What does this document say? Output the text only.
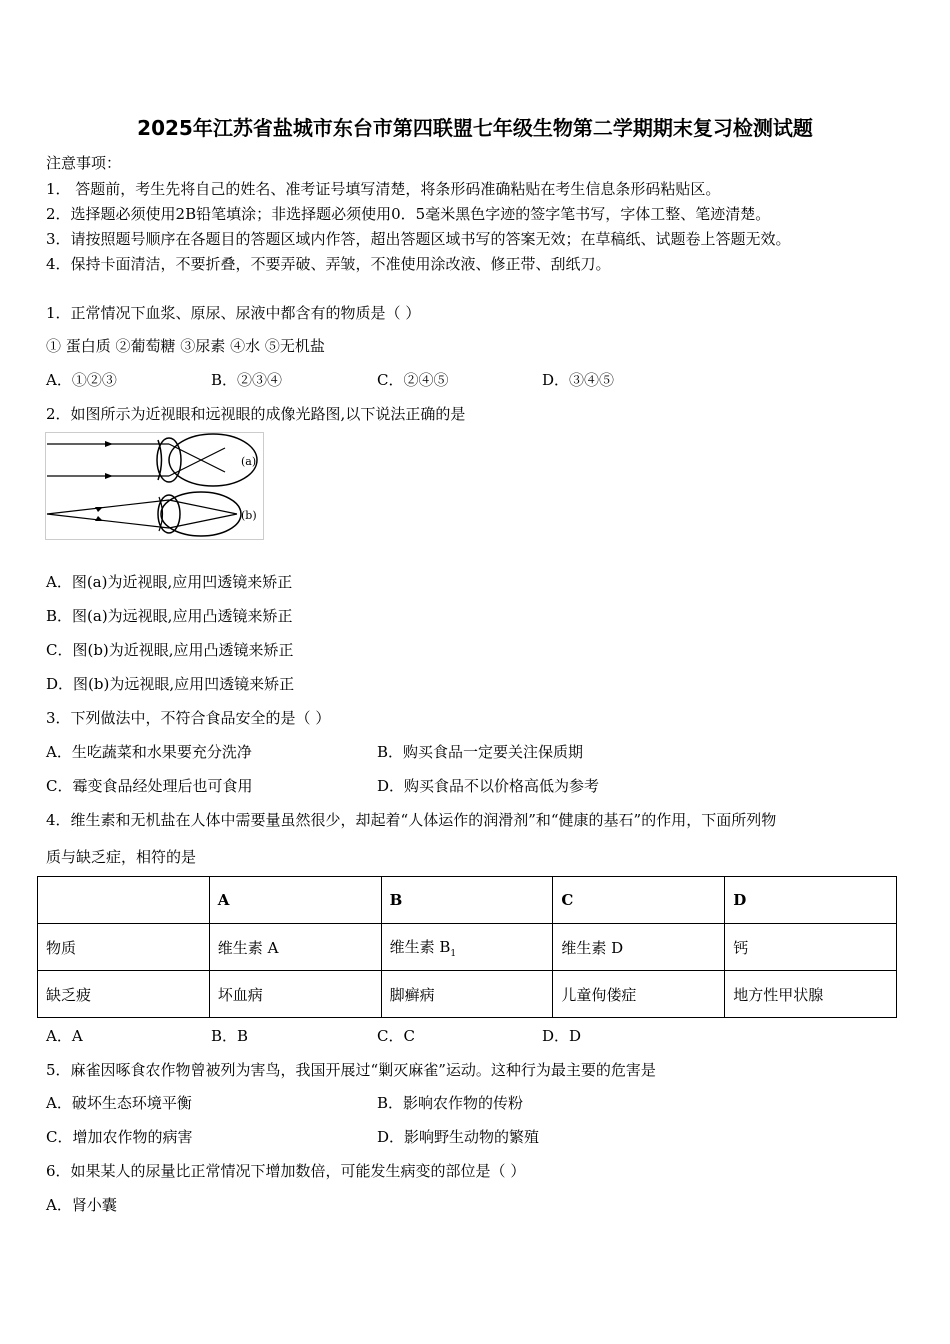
2025年江苏省盐城市东台市第四联盟七年级生物第二学期期末复习检测试题
注意事项：
1． 答题前，考生先将自己的姓名、准考证号填写清楚，将条形码准确粘贴在考生信息条形码粘贴区。
2．选择题必须使用2B铅笔填涂；非选择题必须使用0．5毫米黑色字迹的签字笔书写，字体工整、笔迹清楚。
3．请按照题号顺序在各题目的答题区域内作答，超出答题区域书写的答案无效；在草稿纸、试题卷上答题无效。
4．保持卡面清洁，不要折叠，不要弄破、弄皱，不准使用涂改液、修正带、刮纸刀。
1．正常情况下血浆、原尿、尿液中都含有的物质是（ ）
① 蛋白质 ②葡萄糖 ③尿素 ④水 ⑤无机盐
A．①②③	B．②③④	C．②④⑤	D．③④⑤
2．如图所示为近视眼和远视眼的成像光路图,以下说法正确的是
(a)
(b)
A．图(a)为近视眼,应用凹透镜来矫正
B．图(a)为远视眼,应用凸透镜来矫正
C．图(b)为近视眼,应用凸透镜来矫正
D．图(b)为远视眼,应用凹透镜来矫正
3．下列做法中，不符合食品安全的是（ ）
A．生吃蔬菜和水果要充分洗净	B．购买食品一定要关注保质期
C．霉变食品经处理后也可食用	D．购买食品不以价格高低为参考
4．维生素和无机盐在人体中需要量虽然很少，却起着“人体运作的润滑剂”和“健康的基石”的作用，下面所列物
质与缺乏症，相符的是
	A	B	C	D
物质	维生素 A	维生素 $B_1$	维生素 D	钙
缺乏疲	坏血病	脚癣病	儿童佝偻症	地方性甲状腺
A．A	B．B	C．C	D．D
5．麻雀因啄食农作物曾被列为害鸟，我国开展过“剿灭麻雀”运动。这种行为最主要的危害是
A．破坏生态环境平衡	B．影响农作物的传粉
C．增加农作物的病害	D．影响野生动物的繁殖
6．如果某人的尿量比正常情况下增加数倍，可能发生病变的部位是（ ）
A．肾小囊
